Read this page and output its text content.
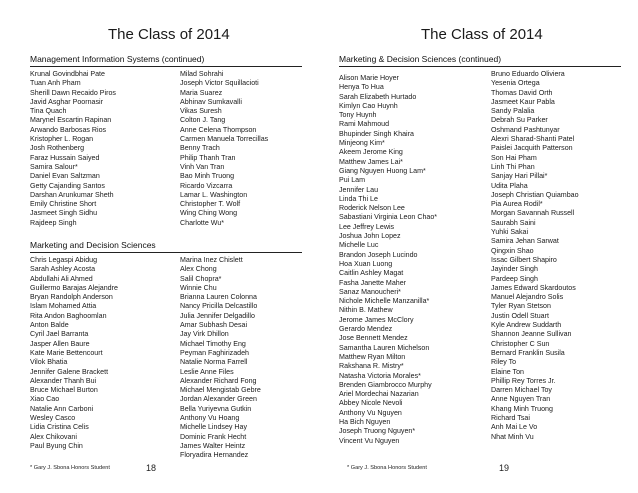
The Class of 2014
Management Information Systems (continued)
Krunal Govindbhai Pate
Tuan Anh Pham
Sherill Dawn Recaido Piros
Javid Asghar Poornasir
Tina Quach
Marynel Escartin Rapinan
Arwando Barbosas Rios
Kristopher L. Rogan
Josh Rothenberg
Faraz Hussain Saiyed
Samira Salour*
Daniel Evan Saltzman
Getty Cajanding Santos
Darshan Arunkumar Sheth
Emily Christine Short
Jasmeet Singh Sidhu
Rajdeep Singh
Milad Sohrahi
Joseph Victor Squillacioti
Maria Suarez
Abhinav Sumkavalli
Vikas Suresh
Colton J. Tang
Anne Celena Thompson
Carmen Manuela Torrecillas
Benny Trach
Philip Thanh Tran
Vinh Van Tran
Bao Minh Truong
Ricardo Vizcarra
Lamar L. Washington
Christopher T. Wolf
Wing Ching Wong
Charlotte Wu*
Marketing and Decision Sciences
Chris Legaspi Abidug
Sarah Ashley Acosta
Abdullahi Ali Ahmed
Guillermo Barajas Alejandre
Bryan Randolph Anderson
Islam Mohamed Attia
Rita Andon Baghoomlan
Anton Balde
Cyril Jael Barranta
Jasper Allen Baure
Kate Marie Bettencourt
Vilok Bhatia
Jennifer Galene Brackett
Alexander Thanh Bui
Bruce Michael Burton
Xiao Cao
Natalie Ann Carboni
Wesley Casco
Lidia Cristina Celis
Alex Chikovani
Paul Byung Chin
Marina Inez Chislett
Alex Chong
Salil Chopra*
Winnie Chu
Brianna Lauren Colonna
Nancy Pricilla Delcastillo
Julia Jennifer Delgadillo
Amar Subhash Desai
Jay Virk Dhillon
Michael Timothy Eng
Peyman Faghirizadeh
Natalie Norma Farrell
Leslie Anne Files
Alexander Richard Fong
Michael Mengistab Gebre
Jordan Alexander Green
Bella Yuriyevna Gutkin
Anthony Vu Hoang
Michelle Lindsey Hay
Dominic Frank Hecht
James Walter Heintz
Floryadira Hernandez
* Gary J. Sbona Honors Student	18
The Class of 2014
Marketing & Decision Sciences (continued)
Alison Marie Hoyer
Henya To Hua
Sarah Elizabeth Hurtado
Kimlyn Cao Huynh
Tony Huynh
Rami Mahmoud
Bhupinder Singh Khaira
Minjeong Kim*
Akeem Jerome King
Matthew James Lai*
Giang Nguyen Huong Lam*
Pui Lam
Jennifer Lau
Linda Thi Le
Roderick Nelson Lee
Sabastiani Virginia Leon Chao*
Lee Jeffrey Lewis
Joshua John Lopez
Michelle Luc
Brandon Joseph Lucindo
Hoa Xuan Luong
Caitlin Ashley Magat
Fasha Janette Maher
Sanaz Manoucheri*
Nichole Michelle Manzanilla*
Nithin B. Mathew
Jerome James McClory
Gerardo Mendez
Jose Bennett Mendez
Samantha Lauren Michelson
Matthew Ryan Milton
Rakshana R. Mistry*
Natasha Victoria Morales*
Brenden Giambrocco Murphy
Ariel Mordechai Nazarian
Abbey Nicole Nevoli
Anthony Vu Nguyen
Ha Bich Nguyen
Joseph Truong Nguyen*
Vincent Vu Nguyen
Bruno Eduardo Oliviera
Yesenia Ortega
Thomas David Orth
Jasmeet Kaur Pabla
Sandy Palalia
Debrah Su Parker
Oshmand Pashtunyar
Alexri Sharad-Shanti Patel
Paislei Jacquith Patterson
Son Hai Pham
Linh Thi Phan
Sanjay Hari Pillai*
Udita Plaha
Joseph Christian Quiambao
Pia Aurea Rodil*
Morgan Savannah Russell
Saurabh Saini
Yuhki Sakai
Samira Jehan Sarwat
Qingxin Shao
Issac Gilbert Shapiro
Jayinder Singh
Pardeep Singh
James Edward Skardoutos
Manuel Alejandro Solis
Tyler Ryan Stetson
Justin Odell Stuart
Kyle Andrew Suddarth
Shannon Jeanne Sullivan
Christopher C Sun
Bernard Franklin Susila
Riley To
Elaine Ton
Phillip Rey Torres Jr.
Darren Michael Toy
Anne Nguyen Tran
Khang Minh Truong
Richard Tsai
Anh Mai Le Vo
Nhat Minh Vu
* Gary J. Sbona Honors Student	19
